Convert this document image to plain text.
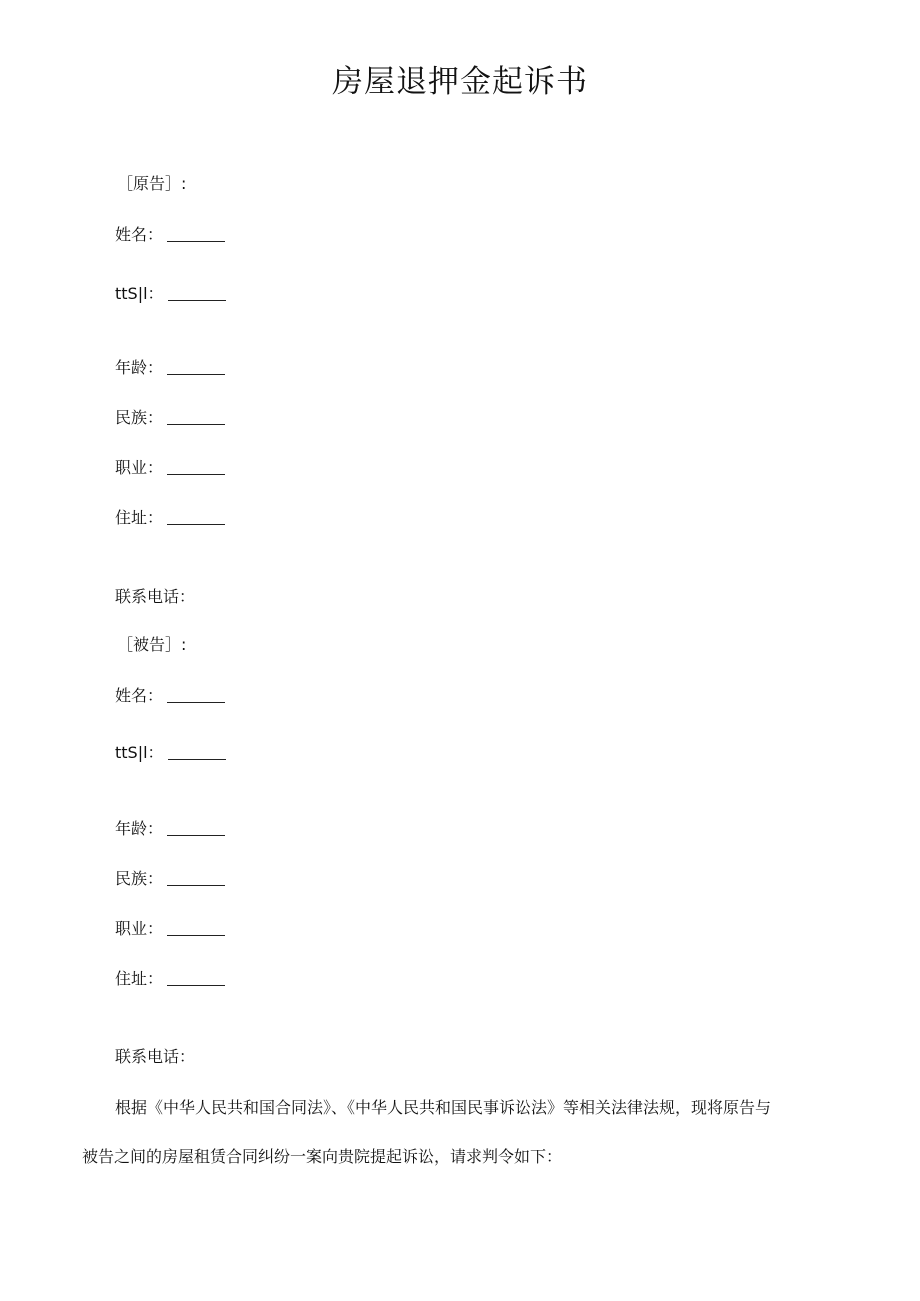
房屋退押金起诉书
［原告］:
姓名：
ttS|l：
年龄：
民族：
职业：
住址：
联系电话：
［被告］:
姓名：
ttS|l：
年龄：
民族：
职业：
住址：
联系电话：
根据《中华人民共和国合同法》、《中华人民共和国民事诉讼法》等相关法律法规，现将原告与
被告之间的房屋租赁合同纠纷一案向贵院提起诉讼，请求判令如下：
